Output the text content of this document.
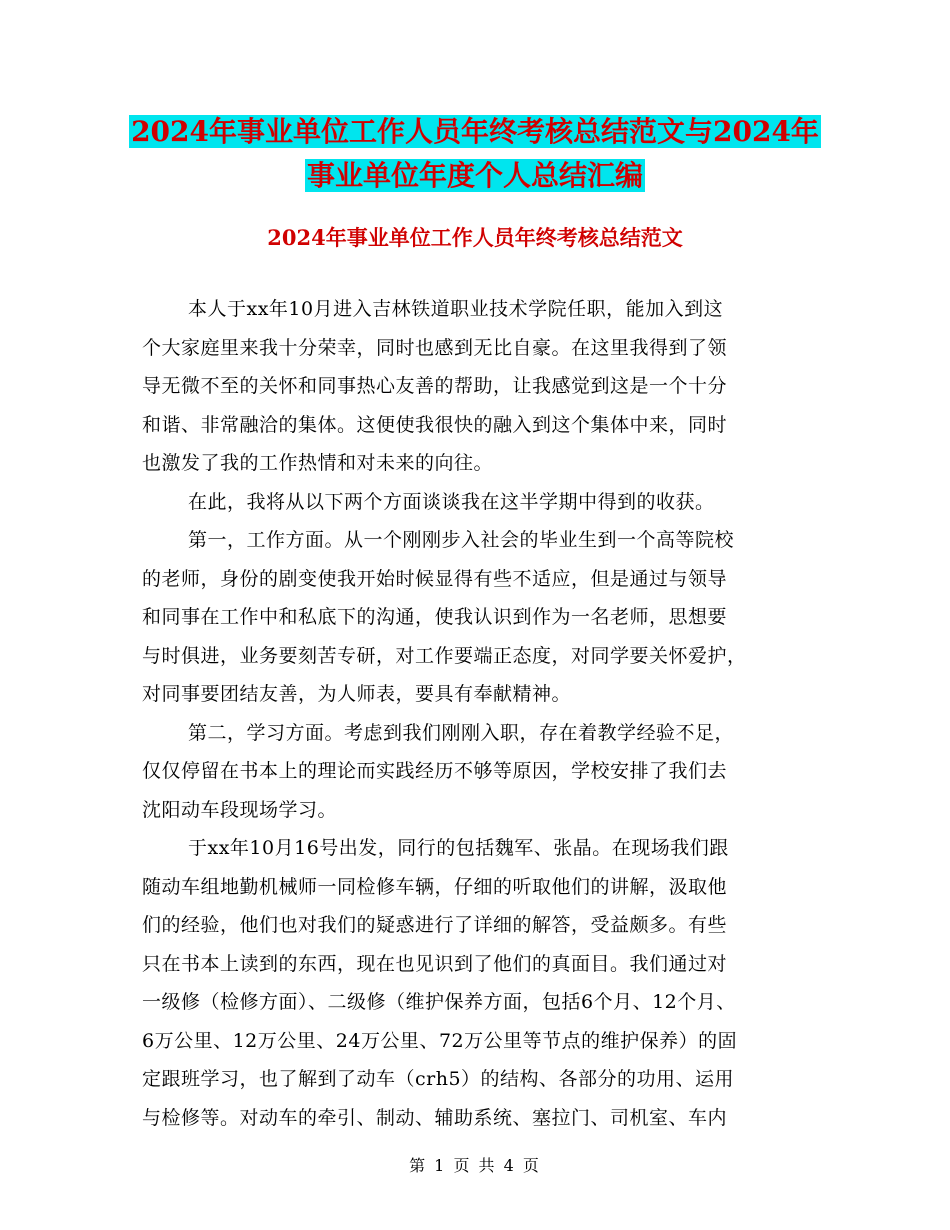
2024年事业单位工作人员年终考核总结范文与2024年
事业单位年度个人总结汇编
2024年事业单位工作人员年终考核总结范文
本人于xx年10月进入吉林铁道职业技术学院任职，能加入到这
个大家庭里来我十分荣幸，同时也感到无比自豪。在这里我得到了领
导无微不至的关怀和同事热心友善的帮助，让我感觉到这是一个十分
和谐、非常融洽的集体。这便使我很快的融入到这个集体中来，同时
也激发了我的工作热情和对未来的向往。
在此，我将从以下两个方面谈谈我在这半学期中得到的收获。
第一，工作方面。从一个刚刚步入社会的毕业生到一个高等院校
的老师，身份的剧变使我开始时候显得有些不适应，但是通过与领导
和同事在工作中和私底下的沟通，使我认识到作为一名老师，思想要
与时俱进，业务要刻苦专研，对工作要端正态度，对同学要关怀爱护，
对同事要团结友善，为人师表，要具有奉献精神。
第二，学习方面。考虑到我们刚刚入职，存在着教学经验不足，
仅仅停留在书本上的理论而实践经历不够等原因，学校安排了我们去
沈阳动车段现场学习。
于xx年10月16号出发，同行的包括魏军、张晶。在现场我们跟
随动车组地勤机械师一同检修车辆，仔细的听取他们的讲解，汲取他
们的经验，他们也对我们的疑惑进行了详细的解答，受益颇多。有些
只在书本上读到的东西，现在也见识到了他们的真面目。我们通过对
一级修（检修方面）、二级修（维护保养方面，包括6个月、12个月、
6万公里、12万公里、24万公里、72万公里等节点的维护保养）的固
定跟班学习，也了解到了动车（crh5）的结构、各部分的功用、运用
与检修等。对动车的牵引、制动、辅助系统、塞拉门、司机室、车内
第 1 页 共 4 页
